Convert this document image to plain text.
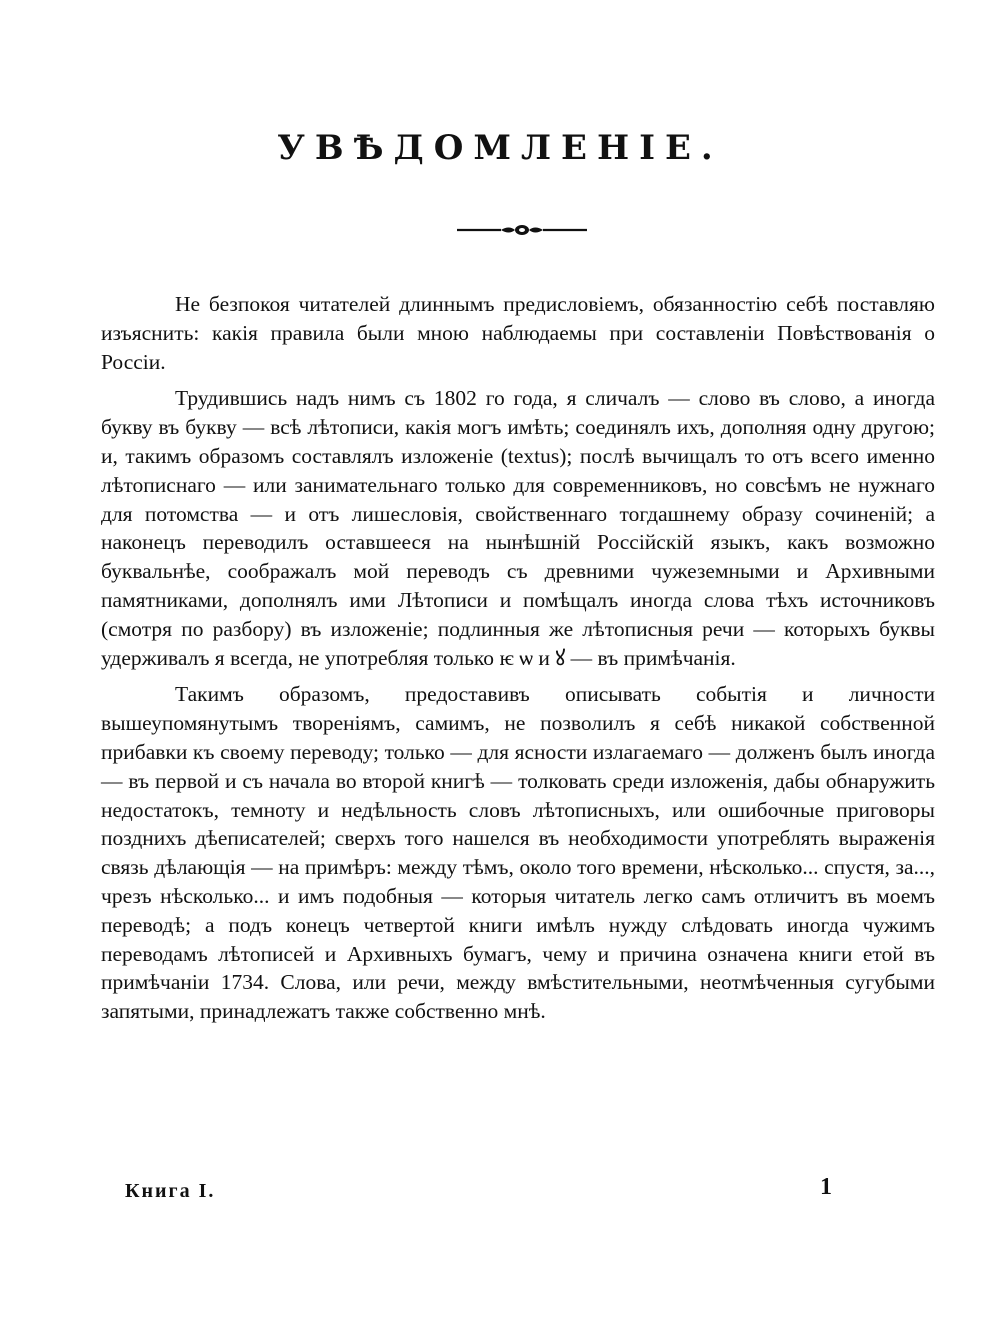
УВѢДОМЛЕНІЕ.

Не безпокоя читателей длиннымъ предисловіемъ, обязанностію себѣ поставляю изъяснить: какія правила были мною наблюдаемы при составленіи Повѣствованія о Россіи.

Трудившись надъ нимъ съ 1802 го года, я сличалъ — слово въ слово, а иногда букву въ букву — всѣ лѣтописи, какія могъ имѣть; соединялъ ихъ, дополняя одну другою; и, такимъ образомъ составлялъ изложеніе (textus); послѣ вычищалъ то отъ всего именно лѣтописнаго — или занимательнаго только для современниковъ, но совсѣмъ не нужнаго для потомства — и отъ лишесловія, свойственнаго тогдашнему образу сочиненій; а наконецъ переводилъ оставшееся на нынѣшній Россійскій языкъ, какъ возможно буквальнѣе, соображалъ мой переводъ съ древними чужеземными и Архивными памятниками, дополнялъ ими Лѣтописи и помѣщалъ иногда слова тѣхъ источниковъ (смотря по разбору) въ изложеніе; подлинныя же лѣтописныя речи — которыхъ буквы удерживалъ я всегда, не употребляя только ѥ ѡ и ꙋ — въ примѣчанія.

Такимъ образомъ, предоставивъ описывать событія и личности вышеупомянутымъ твореніямъ, самимъ, не позволилъ я себѣ никакой собственной прибавки къ своему переводу; только — для ясности излагаемаго — долженъ былъ иногда — въ первой и съ начала во второй книгѣ — толковать среди изложенія, дабы обнаружить недостатокъ, темноту и недѣльность словъ лѣтописныхъ, или ошибочные приговоры позднихъ дѣеписателей; сверхъ того нашелся въ необходимости употреблять выраженія связь дѣлающія — на примѣръ: между тѣмъ, около того времени, нѣсколько... спустя, за..., чрезъ нѣсколько... и имъ подобныя — которыя читатель легко самъ отличитъ въ моемъ переводѣ; а подъ конецъ четвертой книги имѣлъ нужду слѣдовать иногда чужимъ переводамъ лѣтописей и Архивныхъ бумагъ, чему и причина означена книги етой въ примѣчаніи 1734. Слова, или речи, между вмѣстительными, неотмѣченныя сугубыми запятыми, принадлежатъ также собственно мнѣ.

Книга І.	1
